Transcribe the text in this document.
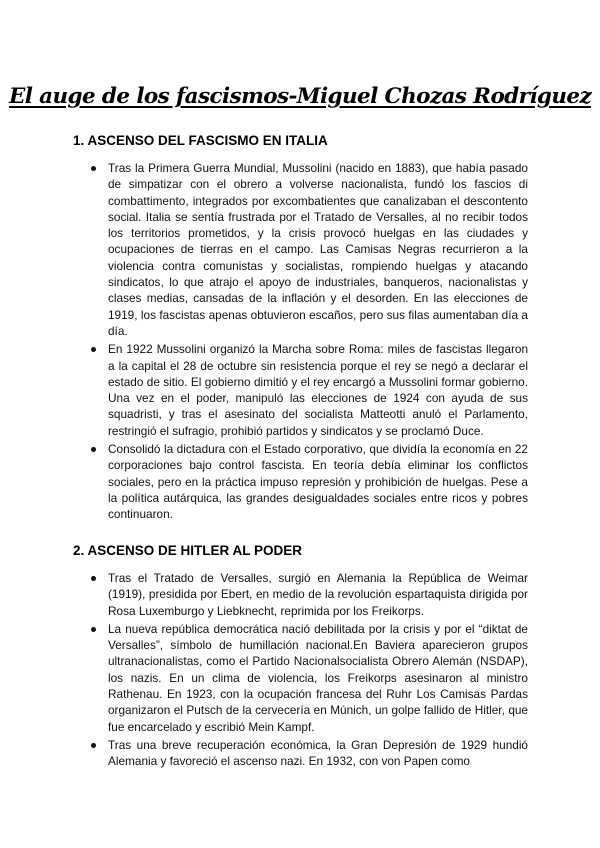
El auge de los fascismos-Miguel Chozas Rodríguez
1. ASCENSO DEL FASCISMO EN ITALIA
Tras la Primera Guerra Mundial, Mussolini (nacido en 1883), que había pasado de simpatizar con el obrero a volverse nacionalista, fundó los fascios di combattimento, integrados por excombatientes que canalizaban el descontento social. Italia se sentía frustrada por el Tratado de Versalles, al no recibir todos los territorios prometidos, y la crisis provocó huelgas en las ciudades y ocupaciones de tierras en el campo. Las Camisas Negras recurrieron a la violencia contra comunistas y socialistas, rompiendo huelgas y atacando sindicatos, lo que atrajo el apoyo de industriales, banqueros, nacionalistas y clases medias, cansadas de la inflación y el desorden. En las elecciones de 1919, los fascistas apenas obtuvieron escaños, pero sus filas aumentaban día a día.
En 1922 Mussolini organizó la Marcha sobre Roma: miles de fascistas llegaron a la capital el 28 de octubre sin resistencia porque el rey se negó a declarar el estado de sitio. El gobierno dimitió y el rey encargó a Mussolini formar gobierno. Una vez en el poder, manipuló las elecciones de 1924 con ayuda de sus squadristi, y tras el asesinato del socialista Matteotti anuló el Parlamento, restringió el sufragio, prohibió partidos y sindicatos y se proclamó Duce.
Consolidó la dictadura con el Estado corporativo, que dividía la economía en 22 corporaciones bajo control fascista. En teoría debía eliminar los conflictos sociales, pero en la práctica impuso represión y prohibición de huelgas. Pese a la política autárquica, las grandes desigualdades sociales entre ricos y pobres continuaron.
2. ASCENSO DE HITLER AL PODER
Tras el Tratado de Versalles, surgió en Alemania la República de Weimar (1919), presidida por Ebert, en medio de la revolución espartaquista dirigida por Rosa Luxemburgo y Liebknecht, reprimida por los Freikorps.
La nueva república democrática nació debilitada por la crisis y por el “diktat de Versalles”, símbolo de humillación nacional.En Baviera aparecieron grupos ultranacionalistas, como el Partido Nacionalsocialista Obrero Alemán (NSDAP), los nazis. En un clima de violencia, los Freikorps asesinaron al ministro Rathenau. En 1923, con la ocupación francesa del Ruhr Los Camisas Pardas organizaron el Putsch de la cervecería en Múnich, un golpe fallido de Hitler, que fue encarcelado y escribió Mein Kampf.
Tras una breve recuperación económica, la Gran Depresión de 1929 hundió Alemania y favoreció el ascenso nazi. En 1932, con von Papen como
